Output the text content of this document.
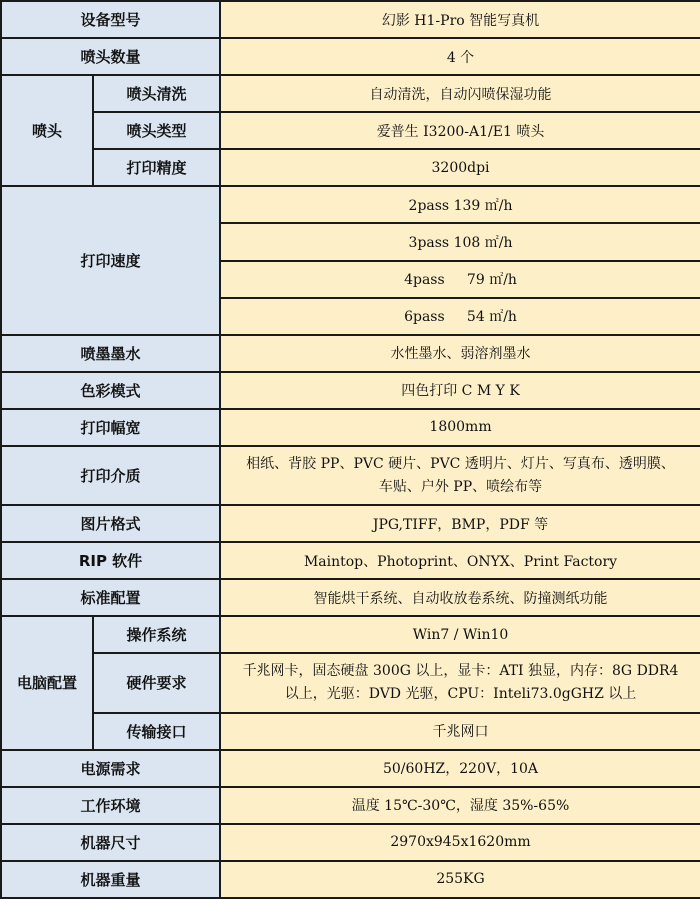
设备型号		幻影 H1-Pro 智能写真机
喷头数量		4 个
喷头	喷头清洗	自动清洗，自动闪喷保湿功能
	喷头类型	爱普生 I3200-A1/E1 喷头
	打印精度	3200dpi
打印速度		2pass 139 ㎡/h
		3pass 108 ㎡/h
		4pass     79 ㎡/h
		6pass     54 ㎡/h
喷墨墨水		水性墨水、弱溶剂墨水
色彩模式		四色打印 C M Y K
打印幅宽		1800mm
打印介质		相纸、背胶 PP、PVC 硬片、PVC 透明片、灯片、写真布、透明膜、
车贴、户外 PP、喷绘布等

图片格式		JPG,TIFF，BMP，PDF 等
RIP 软件		Maintop、Photoprint、ONYX、Print Factory
标准配置		智能烘干系统、自动收放卷系统、防撞测纸功能
电脑配置	操作系统	Win7 / Win10
	硬件要求	千兆网卡，固态硬盘 300G 以上，显卡：ATI 独显，内存：8G DDR4
以上，光驱：DVD 光驱，CPU：Inteli73.0gGHZ 以上

	传输接口	千兆网口
电源需求		50/60HZ，220V，10A
工作环境		温度 15℃-30℃，湿度 35%-65%
机器尺寸		2970x945x1620mm
机器重量		255KG
